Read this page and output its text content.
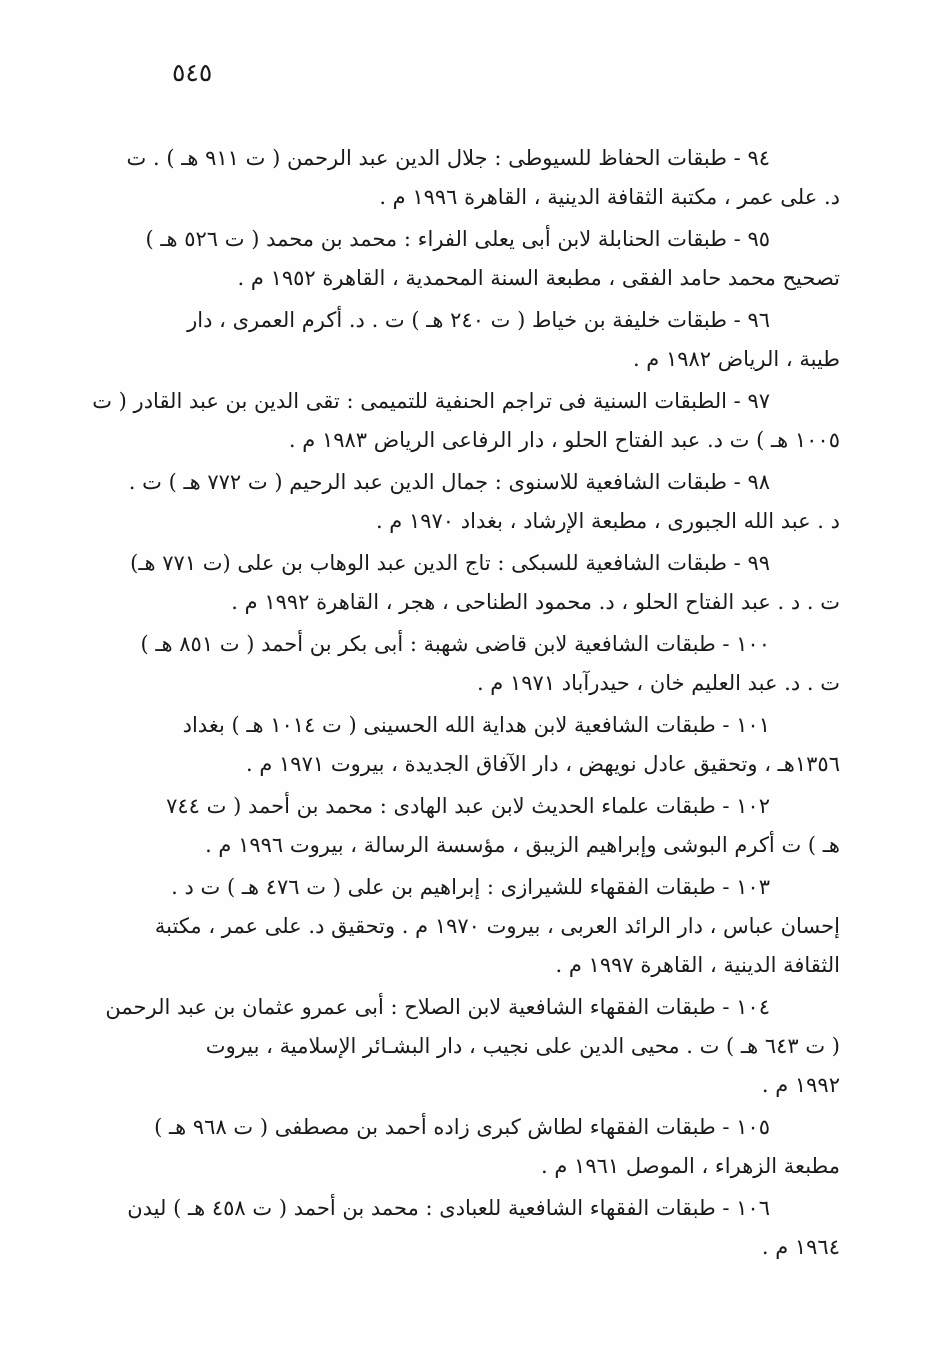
٥٤٥
٩٤ - طبقات الحفاظ للسيوطى : جلال الدين عبد الرحمن ( ت ٩١١ هـ ) . ت
د. على عمر ، مكتبة الثقافة الدينية ، القاهرة ١٩٩٦ م .
٩٥ - طبقات الحنابلة لابن أبى يعلى الفراء : محمد بن محمد ( ت ٥٢٦ هـ )
تصحيح محمد حامد الفقى ، مطبعة السنة المحمدية ، القاهرة ١٩٥٢ م .
٩٦ - طبقات خليفة بن خياط ( ت ٢٤٠ هـ ) ت . د. أكرم العمرى ، دار
طيبة ، الرياض ١٩٨٢ م .
٩٧ - الطبقات السنية فى تراجم الحنفية للتميمى : تقى الدين بن عبد القادر ( ت
١٠٠٥ هـ ) ت د. عبد الفتاح الحلو ، دار الرفاعى الرياض ١٩٨٣ م .
٩٨ - طبقات الشافعية للاسنوى : جمال الدين عبد الرحيم ( ت ٧٧٢ هـ ) ت .
د . عبد الله الجبورى ، مطبعة الإرشاد ، بغداد ١٩٧٠ م .
٩٩ - طبقات الشافعية للسبكى : تاج الدين عبد الوهاب بن على (ت ٧٧١ هـ)
ت . د . عبد الفتاح الحلو ، د. محمود الطناحى ، هجر ، القاهرة ١٩٩٢ م .
١٠٠ - طبقات الشافعية لابن قاضى شهبة : أبى بكر بن أحمد ( ت ٨٥١ هـ )
ت . د. عبد العليم خان ، حيدرآباد ١٩٧١ م .
١٠١ - طبقات الشافعية لابن هداية الله الحسينى ( ت ١٠١٤ هـ ) بغداد
١٣٥٦هـ ، وتحقيق عادل نويهض ، دار الآفاق الجديدة ، بيروت ١٩٧١ م .
١٠٢ - طبقات علماء الحديث لابن عبد الهادى : محمد بن أحمد ( ت ٧٤٤
هـ ) ت أكرم البوشى وإبراهيم الزيبق ، مؤسسة الرسالة ، بيروت ١٩٩٦ م .
١٠٣ - طبقات الفقهاء للشيرازى : إبراهيم بن على ( ت ٤٧٦ هـ ) ت د .
إحسان عباس ، دار الرائد العربى ، بيروت ١٩٧٠ م . وتحقيق د. على عمر ، مكتبة
الثقافة الدينية ، القاهرة ١٩٩٧ م .
١٠٤ - طبقات الفقهاء الشافعية لابن الصلاح : أبى عمرو عثمان بن عبد الرحمن
( ت ٦٤٣ هـ ) ت . محيى الدين على نجيب ، دار البشـائر الإسلامية ، بيروت
١٩٩٢ م .
١٠٥ - طبقات الفقهاء لطاش كبرى زاده أحمد بن مصطفى ( ت ٩٦٨ هـ )
مطبعة الزهراء ، الموصل ١٩٦١ م .
١٠٦ - طبقات الفقهاء الشافعية للعبادى : محمد بن أحمد ( ت ٤٥٨ هـ ) ليدن
١٩٦٤ م .
